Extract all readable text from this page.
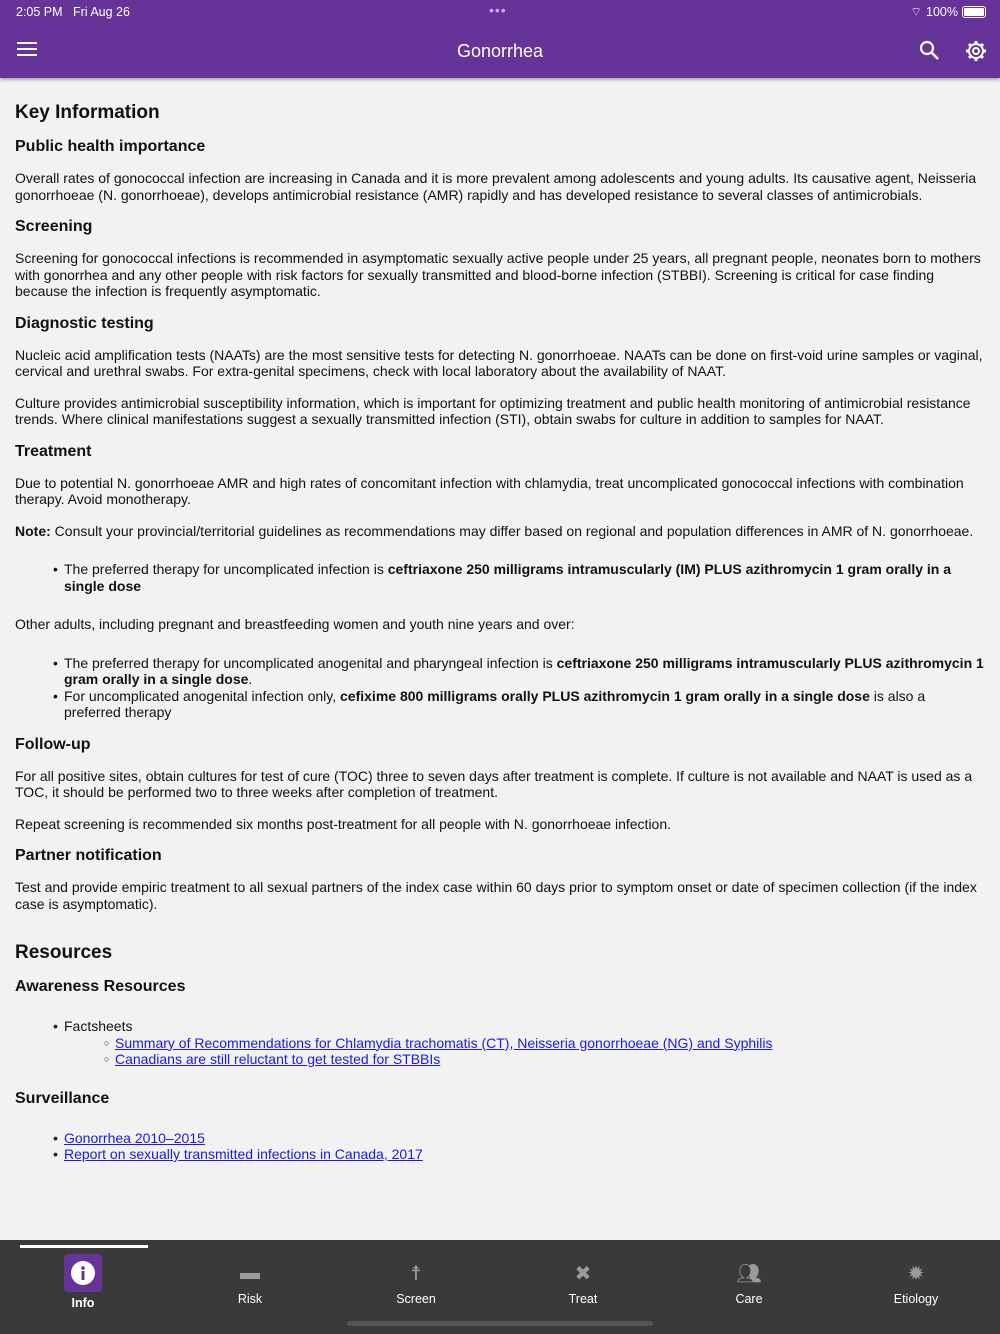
2:05 PM Fri Aug 26	•••	⌔ 100%
Gonorrhea
Key Information
Public health importance

Overall rates of gonococcal infection are increasing in Canada and it is more prevalent among adolescents and young adults. Its causative agent, Neisseria gonorrhoeae (N. gonorrhoeae), develops antimicrobial resistance (AMR) rapidly and has developed resistance to several classes of antimicrobials.

Screening

Screening for gonococcal infections is recommended in asymptomatic sexually active people under 25 years, all pregnant people, neonates born to mothers with gonorrhea and any other people with risk factors for sexually transmitted and blood-borne infection (STBBI). Screening is critical for case finding because the infection is frequently asymptomatic.

Diagnostic testing

Nucleic acid amplification tests (NAATs) are the most sensitive tests for detecting N. gonorrhoeae. NAATs can be done on first-void urine samples or vaginal, cervical and urethral swabs. For extra-genital specimens, check with local laboratory about the availability of NAAT.

Culture provides antimicrobial susceptibility information, which is important for optimizing treatment and public health monitoring of antimicrobial resistance trends. Where clinical manifestations suggest a sexually transmitted infection (STI), obtain swabs for culture in addition to samples for NAAT.

Treatment

Due to potential N. gonorrhoeae AMR and high rates of concomitant infection with chlamydia, treat uncomplicated gonococcal infections with combination therapy. Avoid monotherapy.

Note: Consult your provincial/territorial guidelines as recommendations may differ based on regional and population differences in AMR of N. gonorrhoeae.

• The preferred therapy for uncomplicated infection is ceftriaxone 250 milligrams intramuscularly (IM) PLUS azithromycin 1 gram orally in a single dose

Other adults, including pregnant and breastfeeding women and youth nine years and over:

• The preferred therapy for uncomplicated anogenital and pharyngeal infection is ceftriaxone 250 milligrams intramuscularly PLUS azithromycin 1 gram orally in a single dose.
• For uncomplicated anogenital infection only, cefixime 800 milligrams orally PLUS azithromycin 1 gram orally in a single dose is also a preferred therapy
Follow-up

For all positive sites, obtain cultures for test of cure (TOC) three to seven days after treatment is complete. If culture is not available and NAAT is used as a TOC, it should be performed two to three weeks after completion of treatment.

Repeat screening is recommended six months post-treatment for all people with N. gonorrhoeae infection.

Partner notification

Test and provide empiric treatment to all sexual partners of the index case within 60 days prior to symptom onset or date of specimen collection (if the index case is asymptomatic).

Resources
Awareness Resources
• Factsheets
○ Summary of Recommendations for Chlamydia trachomatis (CT), Neisseria gonorrhoeae (NG) and Syphilis
○ Canadians are still reluctant to get tested for STBBIs
Surveillance
• Gonorrhea 2010–2015
• Report on sexually transmitted infections in Canada, 2017
Info
▬
Risk
☨
Screen
✖
Treat
👥︎
Care
✹
Etiology
